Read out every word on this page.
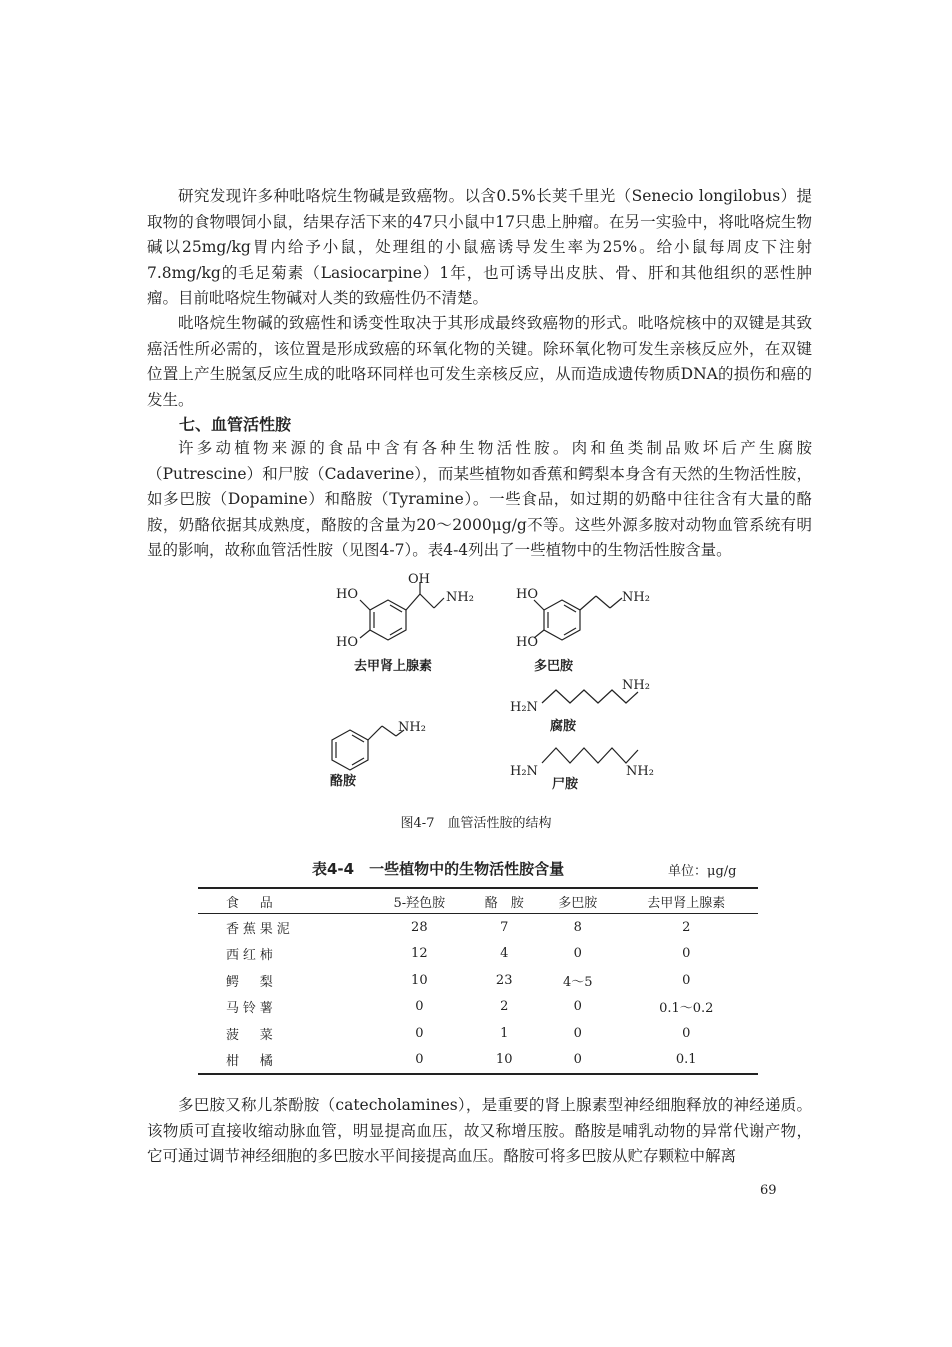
研究发现许多种吡咯烷生物碱是致癌物。以含0.5%长荚千里光（Senecio longilobus）提取物的食物喂饲小鼠，结果存活下来的47只小鼠中17只患上肿瘤。在另一实验中，将吡咯烷生物碱以25mg/kg胃内给予小鼠，处理组的小鼠癌诱导发生率为25%。给小鼠每周皮下注射7.8mg/kg的毛足菊素（Lasiocarpine）1年，也可诱导出皮肤、骨、肝和其他组织的恶性肿瘤。目前吡咯烷生物碱对人类的致癌性仍不清楚。

吡咯烷生物碱的致癌性和诱变性取决于其形成最终致癌物的形式。吡咯烷核中的双键是其致癌活性所必需的，该位置是形成致癌的环氧化物的关键。除环氧化物可发生亲核反应外，在双键位置上产生脱氢反应生成的吡咯环同样也可发生亲核反应，从而造成遗传物质DNA的损伤和癌的发生。

七、血管活性胺

许多动植物来源的食品中含有各种生物活性胺。肉和鱼类制品败坏后产生腐胺（Putrescine）和尸胺（Cadaverine），而某些植物如香蕉和鳄梨本身含有天然的生物活性胺，如多巴胺（Dopamine）和酪胺（Tyramine）。一些食品，如过期的奶酪中往往含有大量的酪胺，奶酪依据其成熟度，酪胺的含量为20～2000μg/g不等。这些外源多胺对动物血管系统有明显的影响，故称血管活性胺（见图4-7）。表4-4列出了一些植物中的生物活性胺含量。

OH
HO
HO
NH₂
去甲肾上腺素
HO
HO
NH₂
多巴胺
NH₂
H₂N
腐胺
NH₂
酪胺
H₂N	NH₂
尸胺
图4-7　血管活性胺的结构
表4-4　一些植物中的生物活性胺含量	单位：μg/g
食　品	5-羟色胺	酪　胺	多巴胺	去甲肾上腺素
香蕉果泥	28	7	8	2
西红柿	12	4	0	0
鳄　梨	10	23	4～5	0
马铃薯	0	2	0	0.1～0.2
菠　菜	0	1	0	0
柑　橘	0	10	0	0.1

多巴胺又称儿茶酚胺（catecholamines），是重要的肾上腺素型神经细胞释放的神经递质。该物质可直接收缩动脉血管，明显提高血压，故又称增压胺。酪胺是哺乳动物的异常代谢产物，它可通过调节神经细胞的多巴胺水平间接提高血压。酪胺可将多巴胺从贮存颗粒中解离

69
